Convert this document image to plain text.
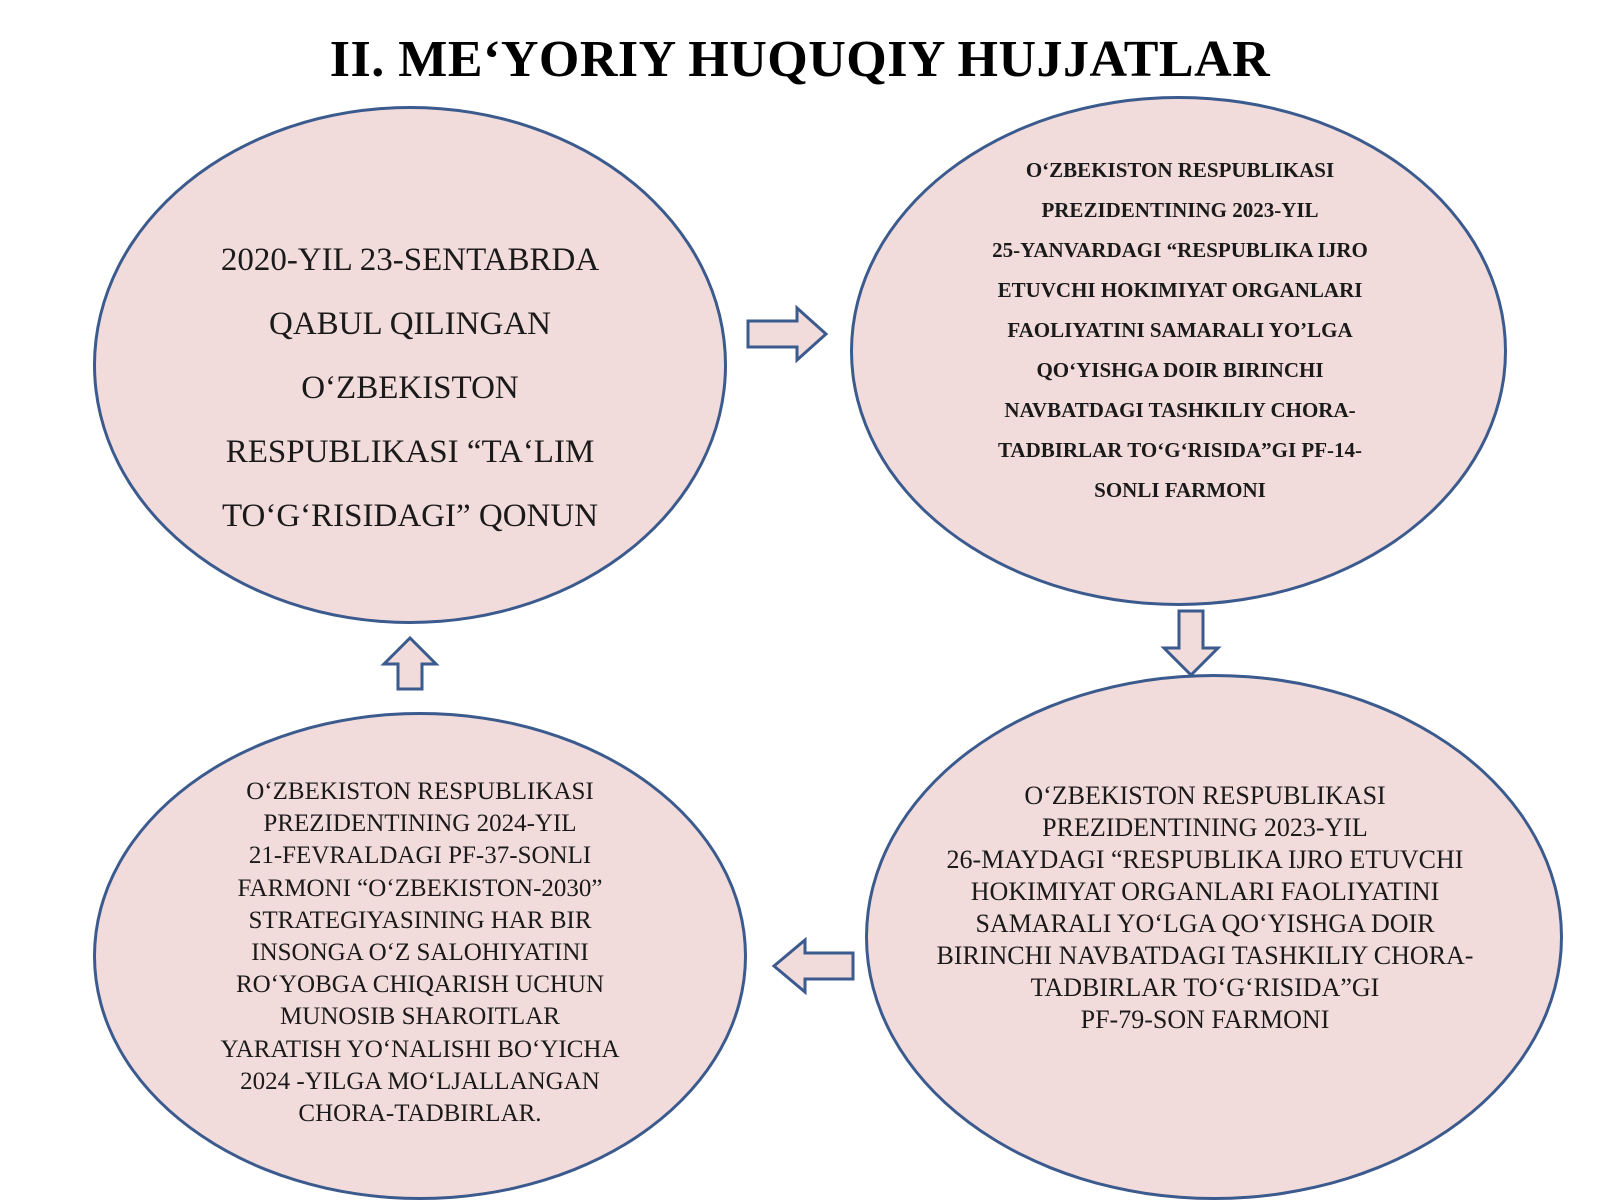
II. ME‘YORIY HUQUQIY HUJJATLAR
2020-YIL 23-SENTABRDA
QABUL QILINGAN
O‘ZBEKISTON
RESPUBLIKASI “TA‘LIM
TO‘G‘RISIDAGI” QONUN
O‘ZBEKISTON RESPUBLIKASI
PREZIDENTINING 2023-YIL
25-YANVARDAGI “RESPUBLIKA IJRO
ETUVCHI HOKIMIYAT ORGANLARI
FAOLIYATINI SAMARALI YO’LGA
QO‘YISHGA DOIR BIRINCHI
NAVBATDAGI TASHKILIY CHORA-
TADBIRLAR TO‘G‘RISIDA”GI PF-14-
SONLI FARMONI
O‘ZBEKISTON RESPUBLIKASI
PREZIDENTINING 2023-YIL
26-MAYDAGI “RESPUBLIKA IJRO ETUVCHI
HOKIMIYAT ORGANLARI FAOLIYATINI
SAMARALI YO‘LGA QO‘YISHGA DOIR
BIRINCHI NAVBATDAGI TASHKILIY CHORA-
TADBIRLAR TO‘G‘RISIDA”GI
PF-79-SON FARMONI
O‘ZBEKISTON RESPUBLIKASI
PREZIDENTINING 2024-YIL
21-FEVRALDAGI PF-37-SONLI
FARMONI “O‘ZBEKISTON-2030”
STRATEGIYASINING HAR BIR
INSONGA O‘Z SALOHIYATINI
RO‘YOBGA CHIQARISH UCHUN
MUNOSIB SHAROITLAR
YARATISH YO‘NALISHI BO‘YICHA
2024 -YILGA MO‘LJALLANGAN
CHORA-TADBIRLAR.
